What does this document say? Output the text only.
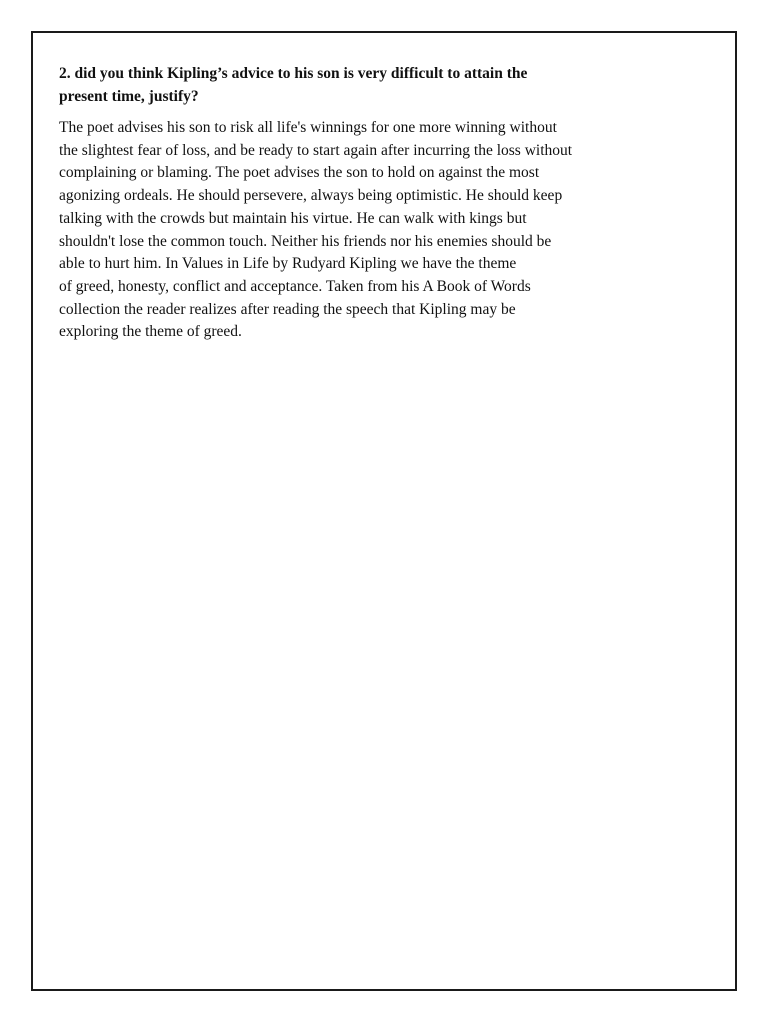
2. did you think Kipling’s advice to his son is very difficult to attain the
present time, justify?

The poet advises his son to risk all life's winnings for one more winning without
the slightest fear of loss, and be ready to start again after incurring the loss without
complaining or blaming. The poet advises the son to hold on against the most
agonizing ordeals. He should persevere, always being optimistic. He should keep
talking with the crowds but maintain his virtue. He can walk with kings but
shouldn't lose the common touch. Neither his friends nor his enemies should be
able to hurt him. In Values in Life by Rudyard Kipling we have the theme
of greed, honesty, conflict and acceptance. Taken from his A Book of Words
collection the reader realizes after reading the speech that Kipling may be
exploring the theme of greed.
